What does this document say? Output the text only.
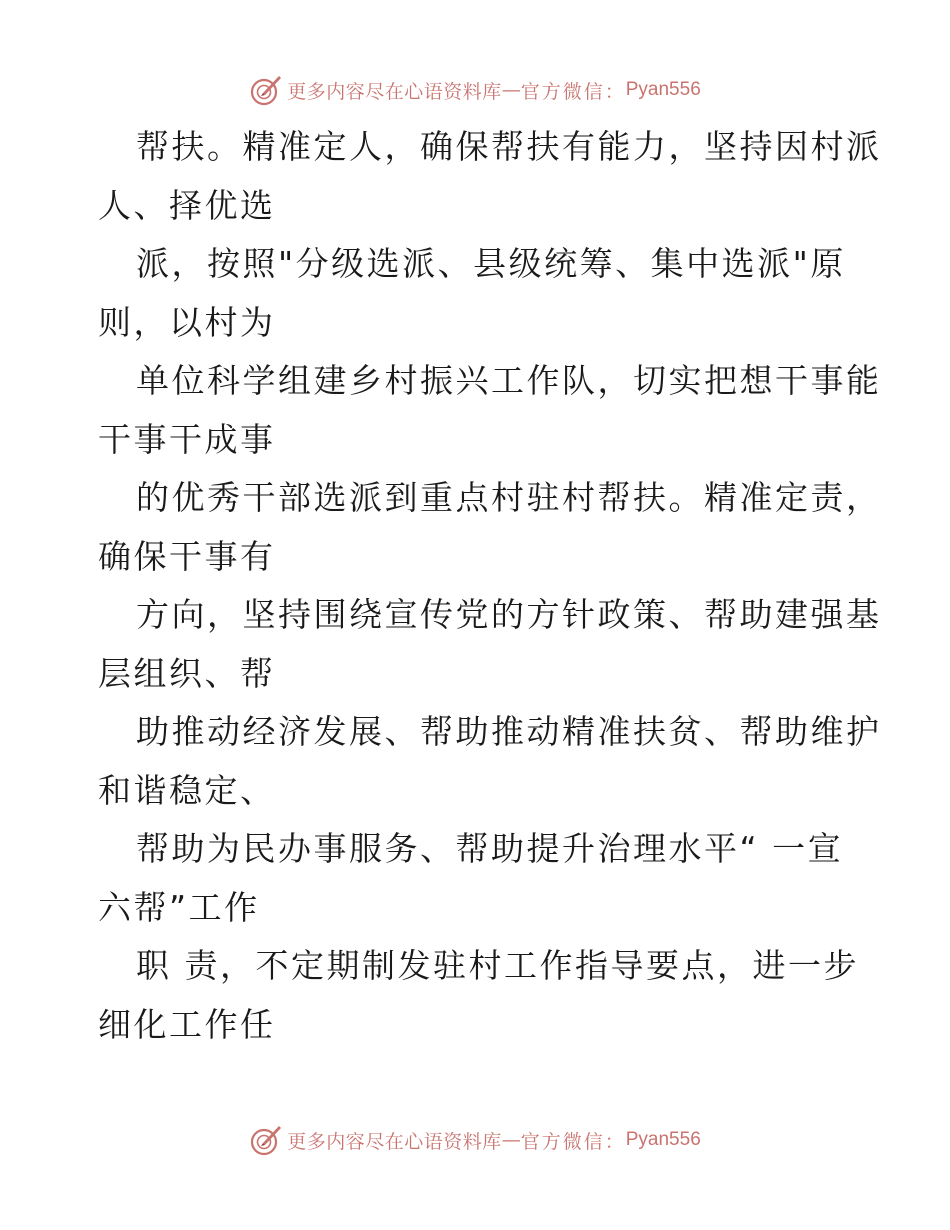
更多内容尽在心语资料库 — 官方微信： Pyan556
帮扶。精准定人，确保帮扶有能力，坚持因村派
人、择优选
派，按照"分级选派、县级统筹、集中选派"原
则，以村为
单位科学组建乡村振兴工作队，切实把想干事能
干事干成事
的优秀干部选派到重点村驻村帮扶。精准定责，
确保干事有
方向，坚持围绕宣传党的方针政策、帮助建强基
层组织、帮
助推动经济发展、帮助推动精准扶贫、帮助维护
和谐稳定、
帮助为民办事服务、帮助提升治理水平“ 一宣
六帮”工作
职 责，不定期制发驻村工作指导要点，进一步
细化工作任
更多内容尽在心语资料库 — 官方微信： Pyan556
